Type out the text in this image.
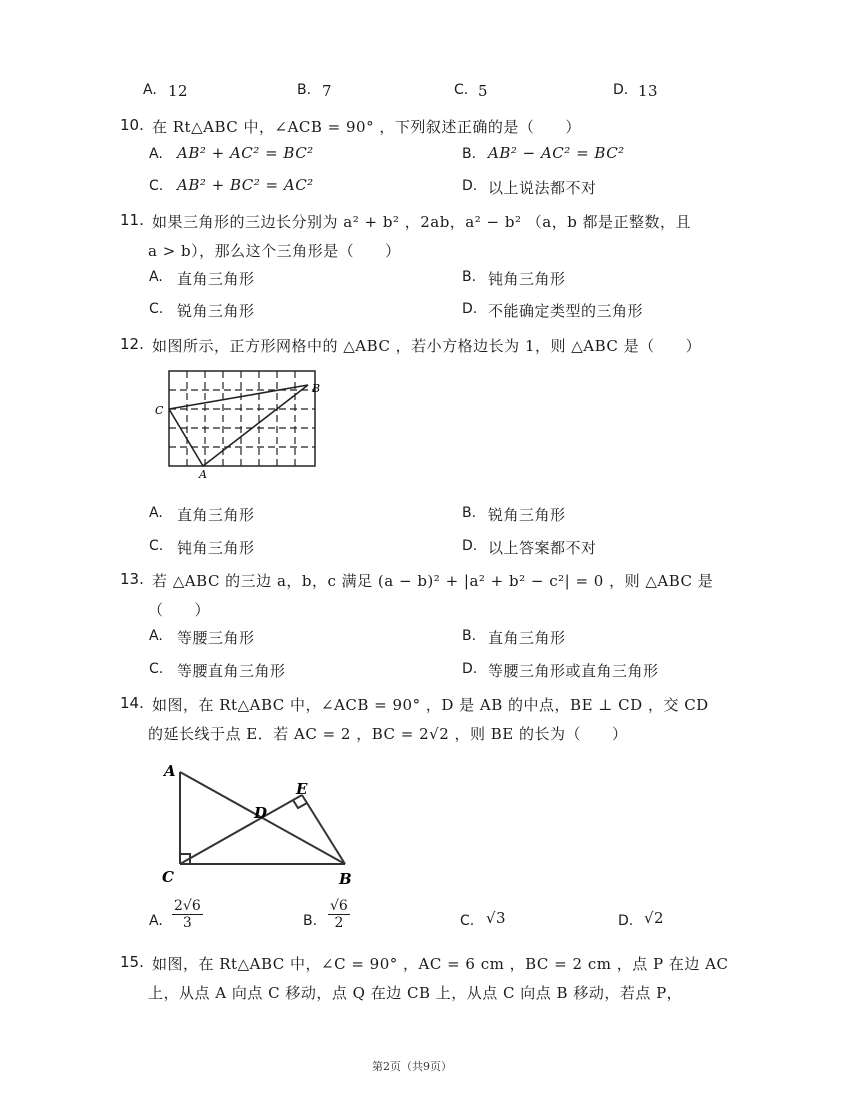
A. 12	B. 7	C. 5	D. 13
10. 在 Rt△ABC 中，∠ACB = 90° ，下列叙述正确的是（　　）
A. AB² + AC² = BC²	B. AB² − AC² = BC²
C. AB² + BC² = AC²	D. 以上说法都不对
11. 如果三角形的三边长分别为 a² + b² ，2ab，a² − b² （a，b 都是正整数，且
a > b），那么这个三角形是（　　）
A. 直角三角形	B. 钝角三角形
C. 锐角三角形	D. 不能确定类型的三角形
12. 如图所示，正方形网格中的 △ABC ，若小方格边长为 1，则 △ABC 是（　　）
B
C
A
A. 直角三角形	B. 锐角三角形
C. 钝角三角形	D. 以上答案都不对
13. 若 △ABC 的三边 a，b，c 满足 (a − b)² + |a² + b² − c²| = 0 ，则 △ABC 是
（　　）
A. 等腰三角形	B. 直角三角形
C. 等腰直角三角形	D. 等腰三角形或直角三角形
14. 如图，在 Rt△ABC 中，∠ACB = 90° ，D 是 AB 的中点，BE ⊥ CD ，交 CD
的延长线于点 E．若 AC = 2 ，BC = 2√2 ，则 BE 的长为（　　）
A
D
E
C	B
A. $\frac{2√6}{3}$	B. $\frac{√6}{2}$	C. √3	D. √2
15. 如图，在 Rt△ABC 中，∠C = 90° ，AC = 6 cm ，BC = 2 cm ，点 P 在边 AC
上，从点 A 向点 C 移动，点 Q 在边 CB 上，从点 C 向点 B 移动，若点 P，
第2页（共9页）
